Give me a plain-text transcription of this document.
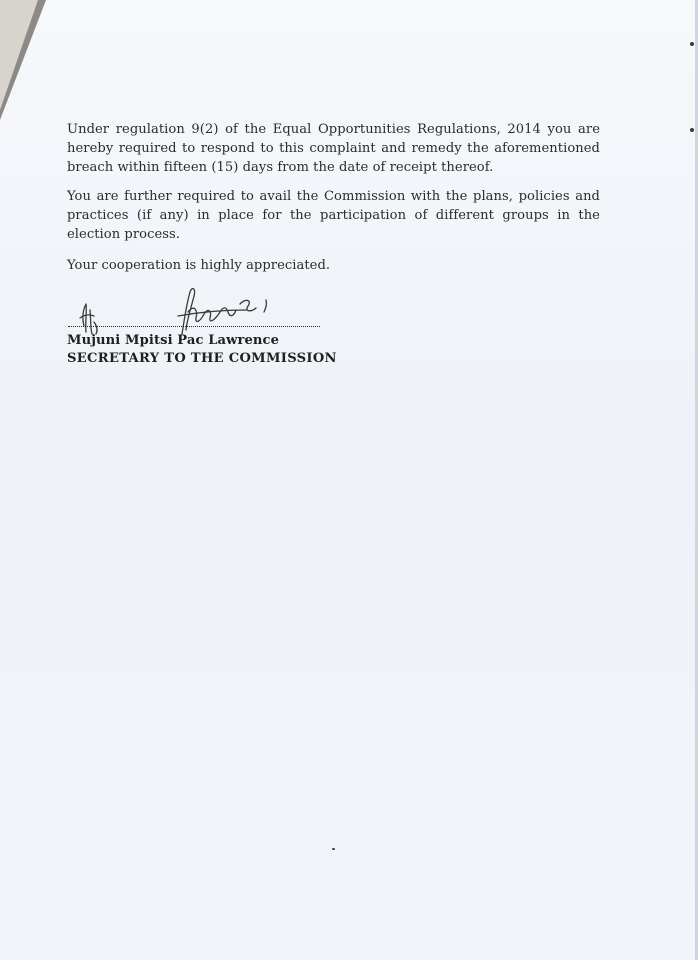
Under regulation 9(2) of the Equal Opportunities Regulations, 2014 you are hereby required to respond to this complaint and remedy the aforementioned breach within fifteen (15) days from the date of receipt thereof.

You are further required to avail the Commission with the plans, policies and practices (if any) in place for the participation of different groups in the election process.

Your cooperation is highly appreciated.

Mujuni Mpitsi Pac Lawrence
SECRETARY TO THE COMMISSION
